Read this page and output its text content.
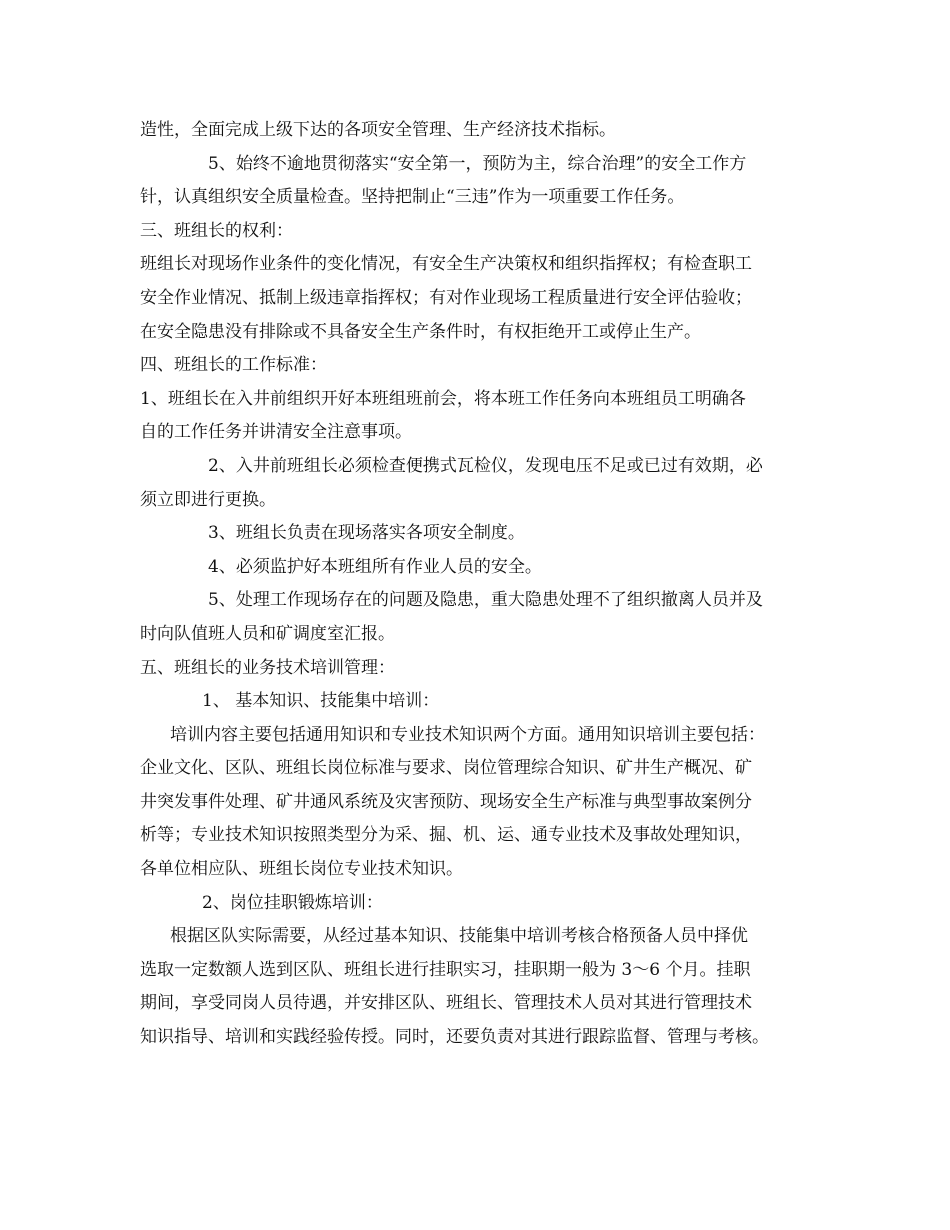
造性，全面完成上级下达的各项安全管理、生产经济技术指标。
5、始终不逾地贯彻落实“安全第一，预防为主，综合治理”的安全工作方
针，认真组织安全质量检查。坚持把制止“三违”作为一项重要工作任务。
三、班组长的权利：
班组长对现场作业条件的变化情况，有安全生产决策权和组织指挥权；有检查职工
安全作业情况、抵制上级违章指挥权；有对作业现场工程质量进行安全评估验收；
在安全隐患没有排除或不具备安全生产条件时，有权拒绝开工或停止生产。
四、班组长的工作标准：
1、班组长在入井前组织开好本班组班前会，将本班工作任务向本班组员工明确各
自的工作任务并讲清安全注意事项。
2、入井前班组长必须检查便携式瓦检仪，发现电压不足或已过有效期，必
须立即进行更换。
3、班组长负责在现场落实各项安全制度。
4、必须监护好本班组所有作业人员的安全。
5、处理工作现场存在的问题及隐患，重大隐患处理不了组织撤离人员并及
时向队值班人员和矿调度室汇报。
五、班组长的业务技术培训管理：
1、 基本知识、技能集中培训：
培训内容主要包括通用知识和专业技术知识两个方面。通用知识培训主要包括：
企业文化、区队、班组长岗位标准与要求、岗位管理综合知识、矿井生产概况、矿
井突发事件处理、矿井通风系统及灾害预防、现场安全生产标准与典型事故案例分
析等；专业技术知识按照类型分为采、掘、机、运、通专业技术及事故处理知识，
各单位相应队、班组长岗位专业技术知识。
2、岗位挂职锻炼培训：
根据区队实际需要，从经过基本知识、技能集中培训考核合格预备人员中择优
选取一定数额人选到区队、班组长进行挂职实习，挂职期一般为 3～6 个月。挂职
期间，享受同岗人员待遇，并安排区队、班组长、管理技术人员对其进行管理技术
知识指导、培训和实践经验传授。同时，还要负责对其进行跟踪监督、管理与考核。
